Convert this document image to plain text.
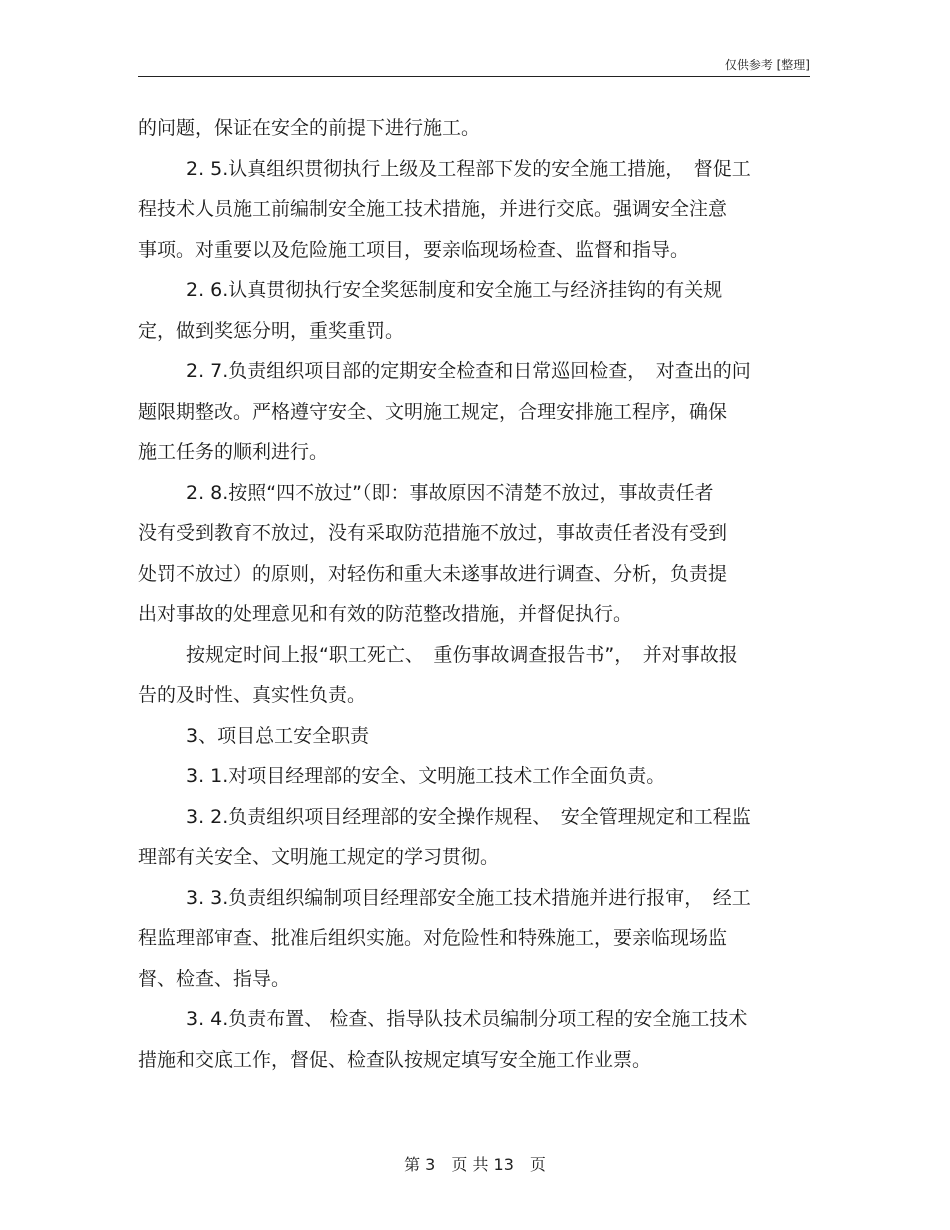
仅供参考 [整理]
的问题，保证在安全的前提下进行施工。
2. 5.认真组织贯彻执行上级及工程部下发的安全施工措施，　督促工
程技术人员施工前编制安全施工技术措施，并进行交底。强调安全注意
事项。对重要以及危险施工项目，要亲临现场检查、监督和指导。
2. 6.认真贯彻执行安全奖惩制度和安全施工与经济挂钩的有关规
定，做到奖惩分明，重奖重罚。
2. 7.负责组织项目部的定期安全检查和日常巡回检查，　对查出的问
题限期整改。严格遵守安全、文明施工规定，合理安排施工程序，确保
施工任务的顺利进行。
2. 8.按照“四不放过”（即：事故原因不清楚不放过，事故责任者
没有受到教育不放过，没有采取防范措施不放过，事故责任者没有受到
处罚不放过）的原则，对轻伤和重大未遂事故进行调查、分析，负责提
出对事故的处理意见和有效的防范整改措施，并督促执行。
按规定时间上报“职工死亡、　重伤事故调查报告书”，　并对事故报
告的及时性、真实性负责。
3、项目总工安全职责
3. 1.对项目经理部的安全、文明施工技术工作全面负责。
3. 2.负责组织项目经理部的安全操作规程、　安全管理规定和工程监
理部有关安全、文明施工规定的学习贯彻。
3. 3.负责组织编制项目经理部安全施工技术措施并进行报审，　经工
程监理部审查、批准后组织实施。对危险性和特殊施工，要亲临现场监
督、检查、指导。
3. 4.负责布置、 检查、指导队技术员编制分项工程的安全施工技术
措施和交底工作，督促、检查队按规定填写安全施工作业票。
第 3　页 共 13　页
